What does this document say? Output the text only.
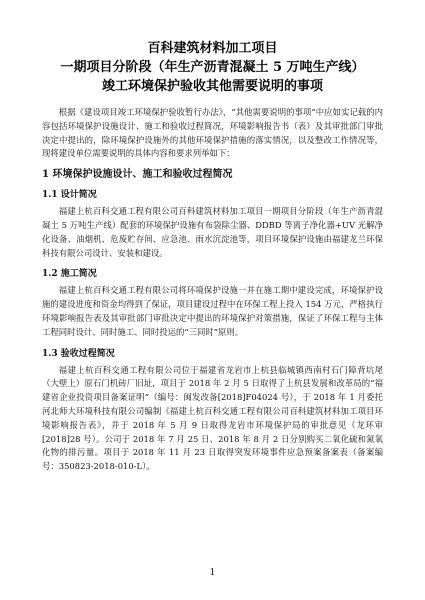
百科建筑材料加工项目
一期项目分阶段（年生产沥青混凝土 5 万吨生产线）
竣工环境保护验收其他需要说明的事项

根据《建设项目竣工环境保护验收暂行办法》，“其他需要说明的事项”中应如实记载的内容包括环境保护设施设计、施工和验收过程简况，环境影响报告书（表）及其审批部门审批决定中提出的，除环境保护设施外的其他环境保护措施的落实情况，以及整改工作情况等，现将建设单位需要说明的具体内容和要求列举如下：

1 环境保护设施设计、施工和验收过程简况
1.1 设计简况

福建上杭百科交通工程有限公司百科建筑材料加工项目一期项目分阶段（年生产沥青混凝土 5 万吨生产线）配套的环境保护设施有布袋除尘器、DDBD 等离子净化器+UV 光解净化设备、油烟机、危废贮存间、应急池、雨水沉淀池等，项目环境保护设施由福建龙兰环保科技有限公司设计、安装和建设。

1.2 施工简况

福建上杭百科交通工程有限公司将环境保护设施一并在施工期中建设完成，环境保护设施的建设进度和资金均得到了保证，项目建设过程中在环保工程上投入 154 万元，严格执行环境影响报告表及其审批部门审批决定中提出的环境保护对策措施，保证了环保工程与主体工程同时设计、同时施工、同时投运的“三同时”原则。

1.3 验收过程简况

福建上杭百科交通工程有限公司位于福建省龙岩市上杭县临城镇西南村石门障背坑尾（大壁上）原石门机砖厂旧址，项目于 2018 年 2 月 5 日取得了上杭县发展和改革局的“福建省企业投资项目备案证明”（编号：闽发改备[2018]F04024 号），于 2018 年 1 月委托河北师大环境科技有限公司编制《福建上杭百科交通工程有限公司百科建筑材料加工项目环境影响报告表》，并于 2018 年 5 月 9 日取得龙岩市环境保护局的审批意见（龙环审[2018]28 号）。公司于 2018 年 7 月 25 日、2018 年 8 月 2 日分别购买二氧化硫和氮氧化物的排污量。项目于 2018 年 11 月 23 日取得突发环境事件应急预案备案表（备案编号：350823-2018-010-L）。

1
